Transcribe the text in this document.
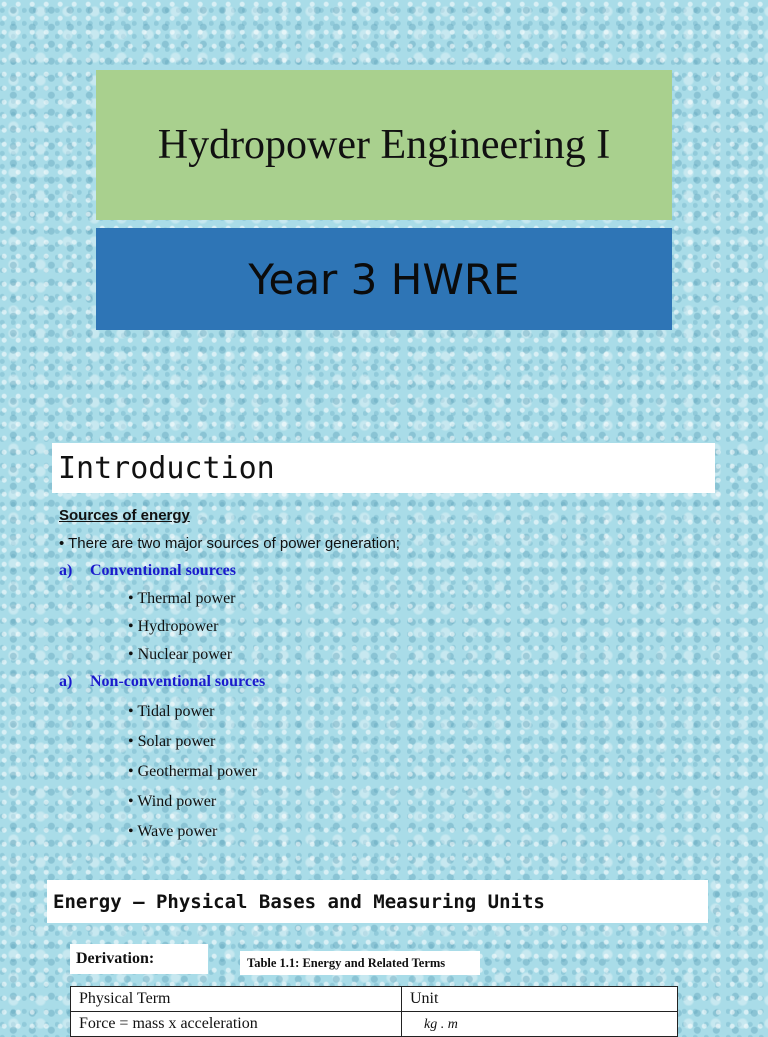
Hydropower Engineering I
Year 3 HWRE
Introduction
Sources of energy
• There are two major sources of power generation;
a) Conventional sources
• Thermal power
• Hydropower
• Nuclear power
a) Non-conventional sources
• Tidal power
• Solar power
• Geothermal power
• Wind power
• Wave power
Energy – Physical Bases and Measuring Units
Derivation:	Table 1.1: Energy and Related Terms
Physical Term	Unit
Force = mass x acceleration	kg . m
